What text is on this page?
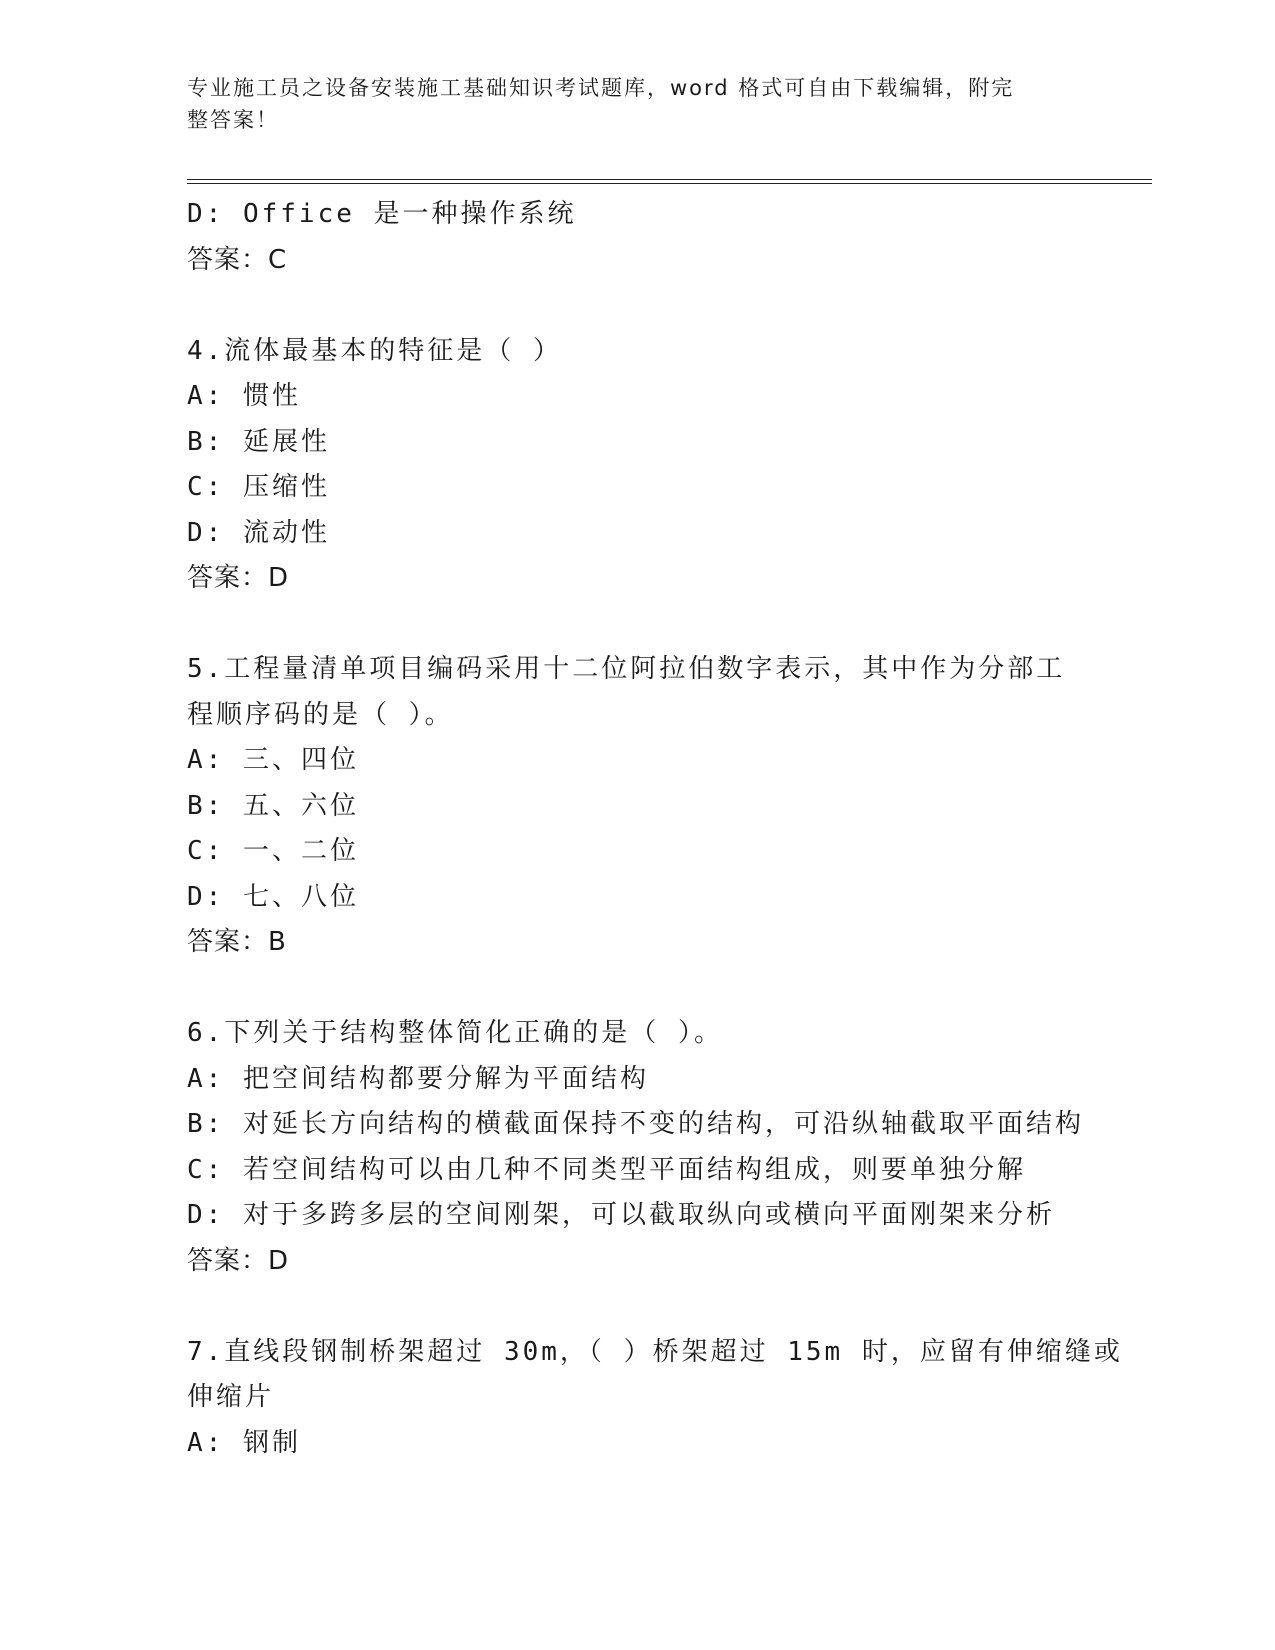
专业施工员之设备安装施工基础知识考试题库，word 格式可自由下载编辑，附完
整答案！
D: Office 是一种操作系统
答案：C
4.流体最基本的特征是（ ）
A: 惯性
B: 延展性
C: 压缩性
D: 流动性
答案：D
5.工程量清单项目编码采用十二位阿拉伯数字表示，其中作为分部工
程顺序码的是（ ）。
A: 三、四位
B: 五、六位
C: 一、二位
D: 七、八位
答案：B
6.下列关于结构整体简化正确的是（ ）。
A: 把空间结构都要分解为平面结构
B: 对延长方向结构的横截面保持不变的结构，可沿纵轴截取平面结构
C: 若空间结构可以由几种不同类型平面结构组成，则要单独分解
D: 对于多跨多层的空间刚架，可以截取纵向或横向平面刚架来分析
答案：D
7.直线段钢制桥架超过 30m，（ ）桥架超过 15m 时，应留有伸缩缝或
伸缩片
A: 钢制
